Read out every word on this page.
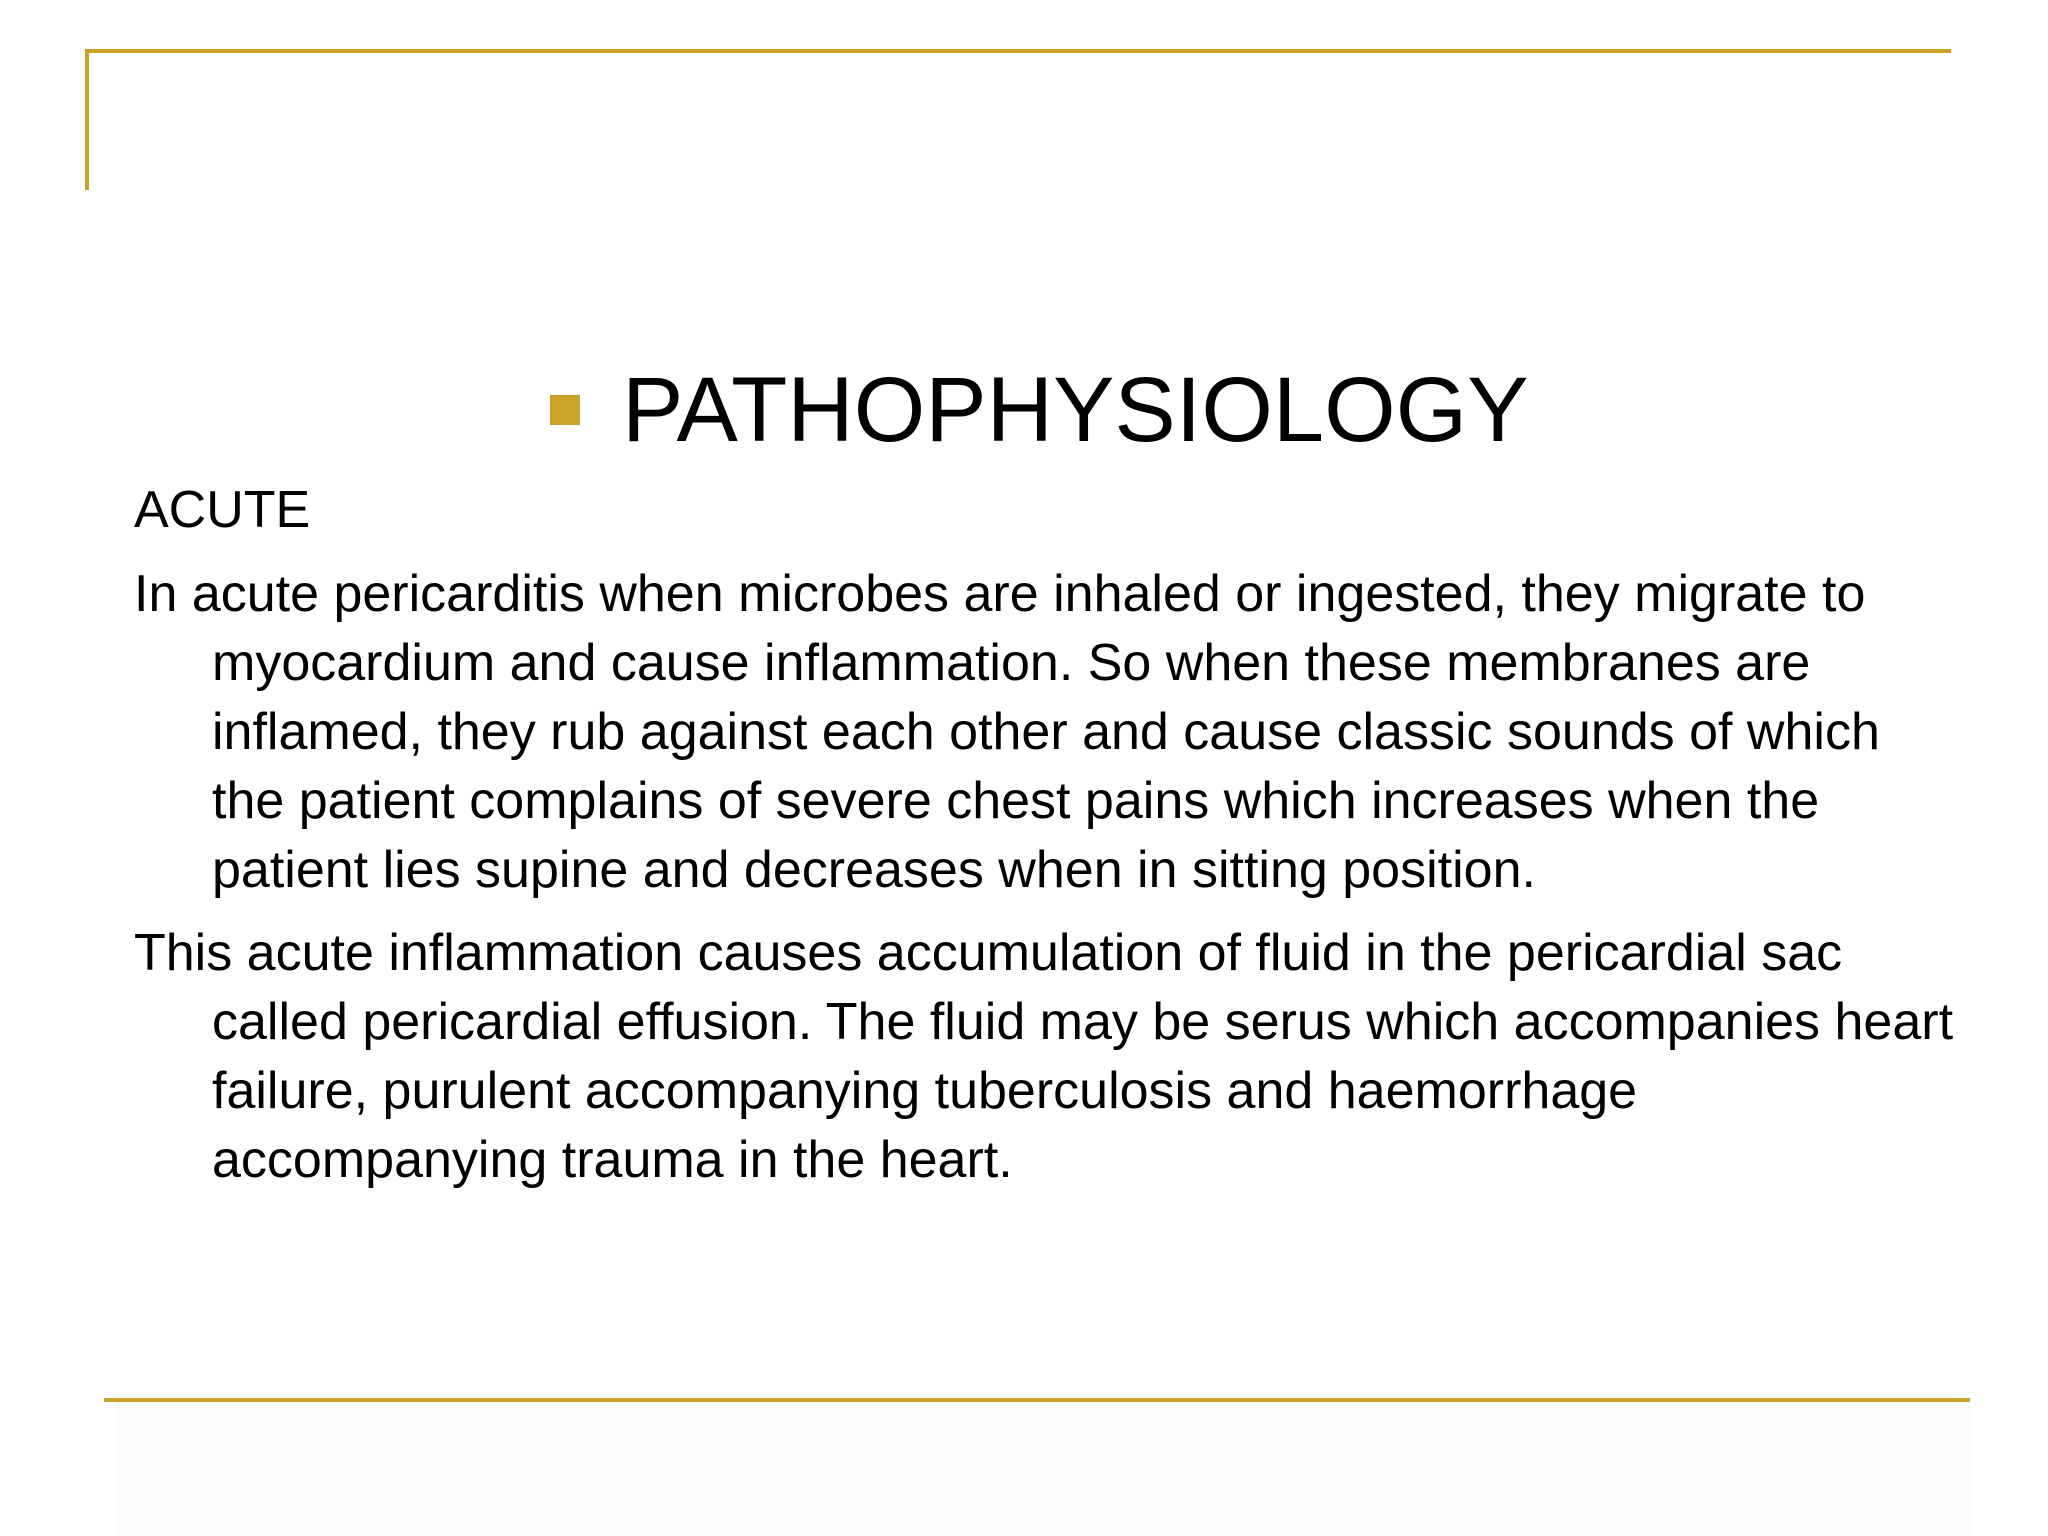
PATHOPHYSIOLOGY
ACUTE
In acute pericarditis when microbes are inhaled or ingested, they migrate to myocardium and cause inflammation. So when these membranes are inflamed, they rub against each other and cause classic sounds of which the patient complains of severe chest pains which increases when the patient lies supine and decreases when in sitting position.
This acute inflammation causes accumulation of fluid in the pericardial sac called pericardial effusion. The fluid may be serus which accompanies heart failure, purulent accompanying tuberculosis and haemorrhage accompanying trauma in the heart.
